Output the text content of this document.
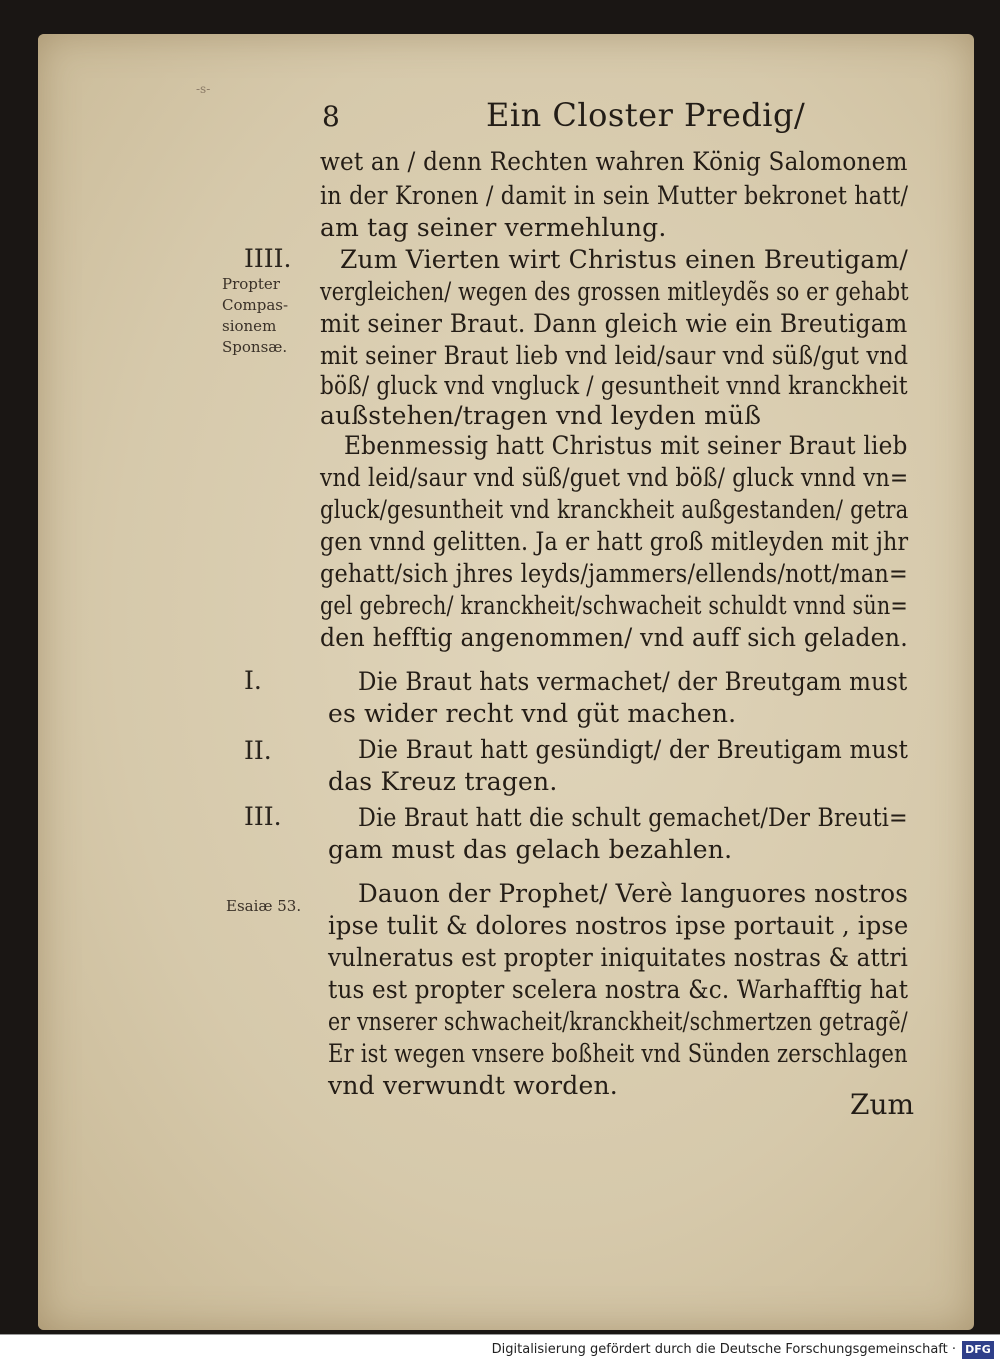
-s-
8	Ein Closter Predig/
IIII.
Propter
Compas-
sionem
Sponsæ.
I.
II.
III.
Esaiæ 53.
wet an / denn Rechten wahren König Salomonem
in der Kronen / damit in sein Mutter bekronet hatt/
am tag seiner vermehlung.
Zum Vierten wirt Christus einen Breutigam/
vergleichen/ wegen des grossen mitleydẽs so er gehabt
mit seiner Braut. Dann gleich wie ein Breutigam
mit seiner Braut lieb vnd leid/saur vnd süß/gut vnd
böß/ gluck vnd vngluck / gesuntheit vnnd kranckheit
außstehen/tragen vnd leyden müß
Ebenmessig hatt Christus mit seiner Braut lieb
vnd leid/saur vnd süß/guet vnd böß/ gluck vnnd vn=
gluck/gesuntheit vnd kranckheit außgestanden/ getra
gen vnnd gelitten. Ja er hatt groß mitleyden mit jhr
gehatt/sich jhres leyds/jammers/ellends/nott/man=
gel gebrech/ kranckheit/schwacheit schuldt vnnd sün=
den hefftig angenommen/ vnd auff sich geladen.
Die Braut hats vermachet/ der Breutgam must
es wider recht vnd güt machen.
Die Braut hatt gesündigt/ der Breutigam must
das Kreuz tragen.
Die Braut hatt die schult gemachet/Der Breuti=
gam must das gelach bezahlen.
Dauon der Prophet/ Verè languores nostros
ipse tulit & dolores nostros ipse portauit , ipse
vulneratus est propter iniquitates nostras & attri
tus est propter scelera nostra &c. Warhafftig hat
er vnserer schwacheit/kranckheit/schmertzen getragẽ/
Er ist wegen vnsere boßheit vnd Sünden zerschlagen
vnd verwundt worden.
Zum
Digitalisierung gefördert durch die Deutsche Forschungsgemeinschaft · DFG
